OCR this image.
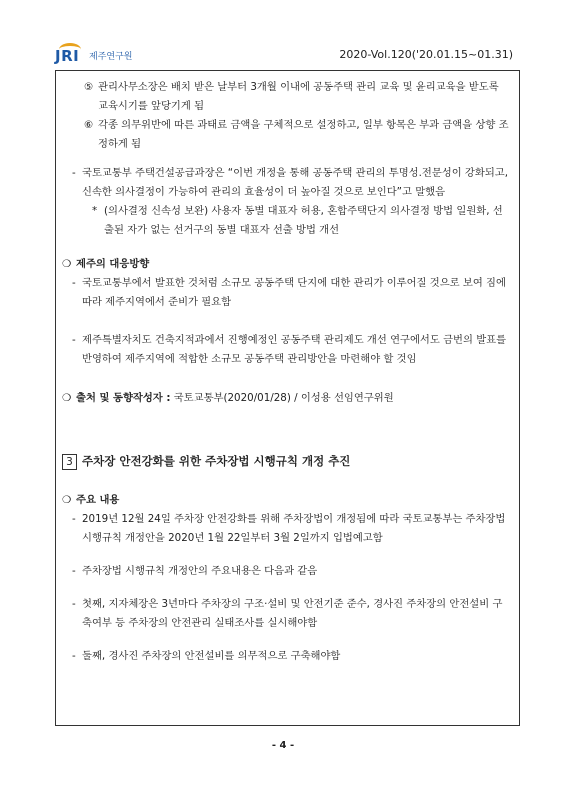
JRI 제주연구원	2020-Vol.120('20.01.15~01.31)
⑤ 관리사무소장은 배치 받은 날부터 3개월 이내에 공동주택 관리 교육 및 윤리교육을 받도록 교육시기를 앞당기게 됨
⑥ 각종 의무위반에 따른 과태료 금액을 구체적으로 설정하고, 일부 항목은 부과 금액을 상향 조정하게 됨
- 국토교통부 주택건설공급과장은 “이번 개정을 통해 공동주택 관리의 투명성.전문성이 강화되고, 신속한 의사결정이 가능하여 관리의 효율성이 더 높아질 것으로 보인다”고 말했음
* (의사결정 신속성 보완) 사용자 동별 대표자 허용, 혼합주택단지 의사결정 방법 일원화, 선출된 자가 없는 선거구의 동별 대표자 선출 방법 개선
❍ 제주의 대응방향
- 국토교통부에서 발표한 것처럼 소규모 공동주택 단지에 대한 관리가 이루어질 것으로 보여 짐에 따라 제주지역에서 준비가 필요함
- 제주특별자치도 건축지적과에서 진행예정인 공동주택 관리제도 개선 연구에서도 금번의 발표를 반영하여 제주지역에 적합한 소규모 공동주택 관리방안을 마련해야 할 것임
❍ 출처 및 동향작성자 : 국토교통부(2020/01/28) / 이성용 선임연구위원
3 주차장 안전강화를 위한 주차장법 시행규칙 개정 추진
❍ 주요 내용
- 2019년 12월 24일 주차장 안전강화를 위해 주차장법이 개정됨에 따라 국토교통부는 주차장법 시행규칙 개정안을 2020년 1월 22일부터 3월 2일까지 입법예고함
- 주차장법 시행규칙 개정안의 주요내용은 다음과 같음
- 첫째, 지자체장은 3년마다 주차장의 구조·설비 및 안전기준 준수, 경사진 주차장의 안전설비 구축여부 등 주차장의 안전관리 실태조사를 실시해야함
- 둘째, 경사진 주차장의 안전설비를 의무적으로 구축해야함
- 4 -
